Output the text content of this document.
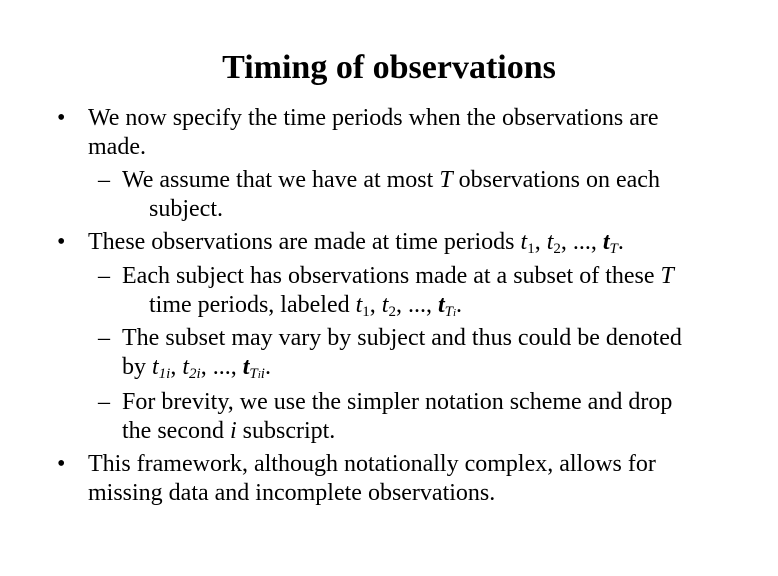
Timing of observations
• We now specify the time periods when the observations are
made.
– We assume that we have at most T observations on each
subject.
• These observations are made at time periods $t_1$, $t_2$, ..., $t_T$.
– Each subject has observations made at a subset of these T
time periods, labeled $t_1$, $t_2$, ..., $t_{Ti}$.
– The subset may vary by subject and thus could be denoted
by $t_{1i}$, $t_{2i}$, ..., $t_{Tii}$.
– For brevity, we use the simpler notation scheme and drop
the second i subscript.
• This framework, although notationally complex, allows for
missing data and incomplete observations.
